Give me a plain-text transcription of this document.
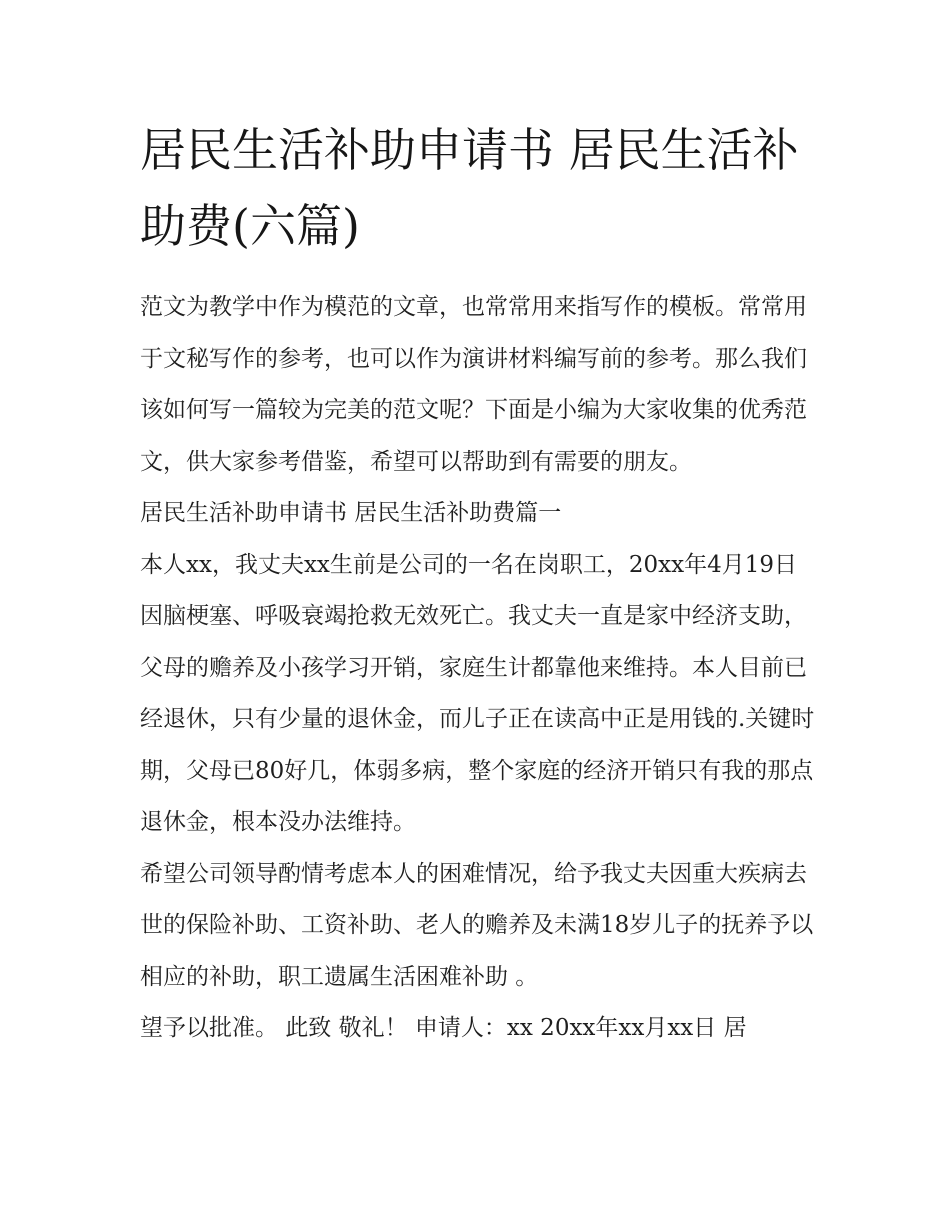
居民生活补助申请书 居民生活补助费(六篇)

范文为教学中作为模范的文章，也常常用来指写作的模板。常常用于文秘写作的参考，也可以作为演讲材料编写前的参考。那么我们该如何写一篇较为完美的范文呢？下面是小编为大家收集的优秀范文，供大家参考借鉴，希望可以帮助到有需要的朋友。

居民生活补助申请书 居民生活补助费篇一

本人xx，我丈夫xx生前是公司的一名在岗职工，20xx年4月19日因脑梗塞、呼吸衰竭抢救无效死亡。我丈夫一直是家中经济支助，父母的赡养及小孩学习开销，家庭生计都靠他来维持。本人目前已经退休，只有少量的退休金，而儿子正在读高中正是用钱的.关键时期，父母已80好几，体弱多病，整个家庭的经济开销只有我的那点退休金，根本没办法维持。

希望公司领导酌情考虑本人的困难情况，给予我丈夫因重大疾病去世的保险补助、工资补助、老人的赡养及未满18岁儿子的抚养予以相应的补助，职工遗属生活困难补助 。

望予以批准。 此致 敬礼！ 申请人：xx 20xx年xx月xx日 居
